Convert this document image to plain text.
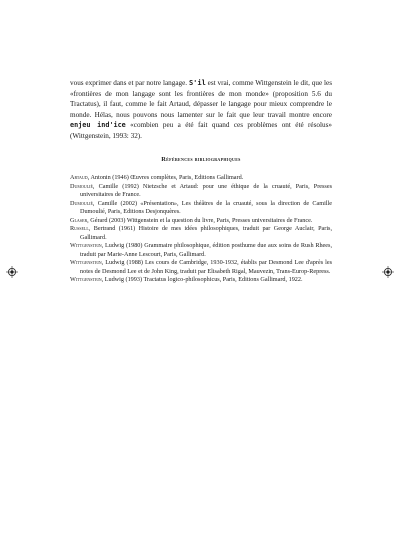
vous exprimer dans et par notre langage. S'il est vrai, comme Wittgenstein le dit, que les «frontières de mon langage sont les frontières de mon monde» (proposition 5.6 du Tractatus), il faut, comme le fait Artaud, dépasser le langage pour mieux comprendre le monde. Hélas, nous pouvons nous lamenter sur le fait que leur travail montre encore enjeu ind'ice «combien peu a été fait quand ces problèmes ont été résolus» (Wittgenstein, 1993: 32).
Références bibliographiques

Artaud, Antonin (1946) Œuvres complètes, Paris, Editions Gallimard.

Dumoulié, Camille (1992) Nietzsche et Artaud: pour une éthique de la cruauté, Paris, Presses universitaires de France.

Dumoulié, Camille (2002) «Présentation», Les théâtres de la cruauté, sous la direction de Camille Dumoulié, Paris, Editions Desjonquères.

Glaser, Gérard (2003) Wittgenstein et la question du livre, Paris, Presses universitaires de France.

Russell, Bertrand (1961) Histoire de mes idées philosophiques, traduit par George Auclair, Paris, Gallimard.

Wittgenstein, Ludwig (1980) Grammaire philosophique, édition posthume due aux soins de Rush Rhees, traduit par Marie-Anne Lescourt, Paris, Gallimard.

Wittgenstein, Ludwig (1988) Les cours de Cambridge, 1930-1932, établis par Desmond Lee d'après les notes de Desmond Lee et de John King, traduit par Elisabeth Rigal, Mauvezin, Trans-Europ-Repress.

Wittgenstein, Ludwig (1993) Tractatus logico-philosophicus, Paris, Editions Gallimard, 1922.
